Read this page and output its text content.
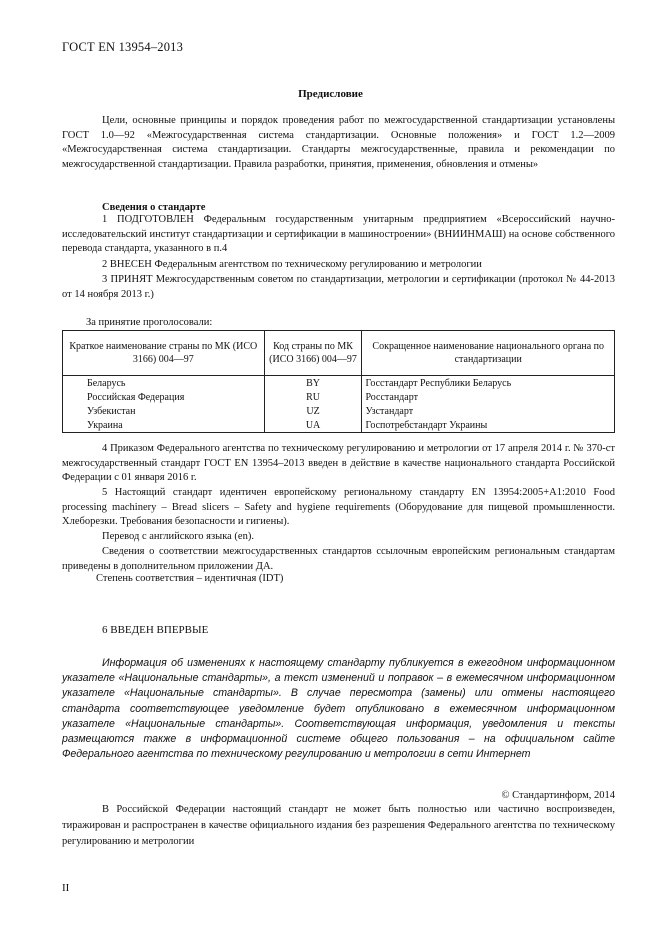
ГОСТ EN 13954–2013
Предисловие
Цели, основные принципы и порядок проведения работ по межгосударственной стандартизации установлены ГОСТ 1.0—92 «Межгосударственная система стандартизации. Основные положения» и ГОСТ 1.2—2009 «Межгосударственная система стандартизации. Стандарты межгосударственные, правила и рекомендации по межгосударственной стандартизации. Правила разработки, принятия, применения, обновления и отмены»
Сведения о стандарте
1 ПОДГОТОВЛЕН Федеральным государственным унитарным предприятием «Всероссийский научно-исследовательский институт стандартизации и сертификации в машиностроении» (ВНИИНМАШ) на основе собственного перевода стандарта, указанного в п.4
2 ВНЕСЕН Федеральным агентством по техническому регулированию и метрологии
3 ПРИНЯТ Межгосударственным советом по стандартизации, метрологии и сертификации (протокол № 44-2013 от 14 ноября 2013 г.)
За принятие проголосовали:
Краткое наименование страны по МК (ИСО 3166) 004—97	Код страны по МК (ИСО 3166) 004—97	Сокращенное наименование национального органа по стандартизации
Беларусь	BY	Госстандарт Республики Беларусь
Российская Федерация	RU	Росстандарт
Узбекистан	UZ	Узстандарт
Украина	UA	Госпотребстандарт Украины
4 Приказом Федерального агентства по техническому регулированию и метрологии от 17 апреля 2014 г. № 370-ст межгосударственный стандарт ГОСТ EN 13954–2013 введен в действие в качестве национального стандарта Российской Федерации с 01 января 2016 г.
5 Настоящий стандарт идентичен европейскому региональному стандарту EN 13954:2005+A1:2010 Food processing machinery – Bread slicers – Safety and hygiene requirements (Оборудование для пищевой промышленности. Хлеборезки. Требования безопасности и гигиены).
Перевод с английского языка (en).
Сведения о соответствии межгосударственных стандартов ссылочным европейским региональным стандартам приведены в дополнительном приложении ДА.
Степень соответствия – идентичная (IDT)
6 ВВЕДЕН ВПЕРВЫЕ
Информация об изменениях к настоящему стандарту публикуется в ежегодном информационном указателе «Национальные стандарты», а текст изменений и поправок – в ежемесячном информационном указателе «Национальные стандарты». В случае пересмотра (замены) или отмены настоящего стандарта соответствующее уведомление будет опубликовано в ежемесячном информационном указателе «Национальные стандарты». Соответствующая информация, уведомления и тексты размещаются также в информационной системе общего пользования – на официальном сайте Федерального агентства по техническому регулированию и метрологии в сети Интернет
© Стандартинформ, 2014
В Российской Федерации настоящий стандарт не может быть полностью или частично воспроизведен, тиражирован и распространен в качестве официального издания без разрешения Федерального агентства по техническому регулированию и метрологии
II
